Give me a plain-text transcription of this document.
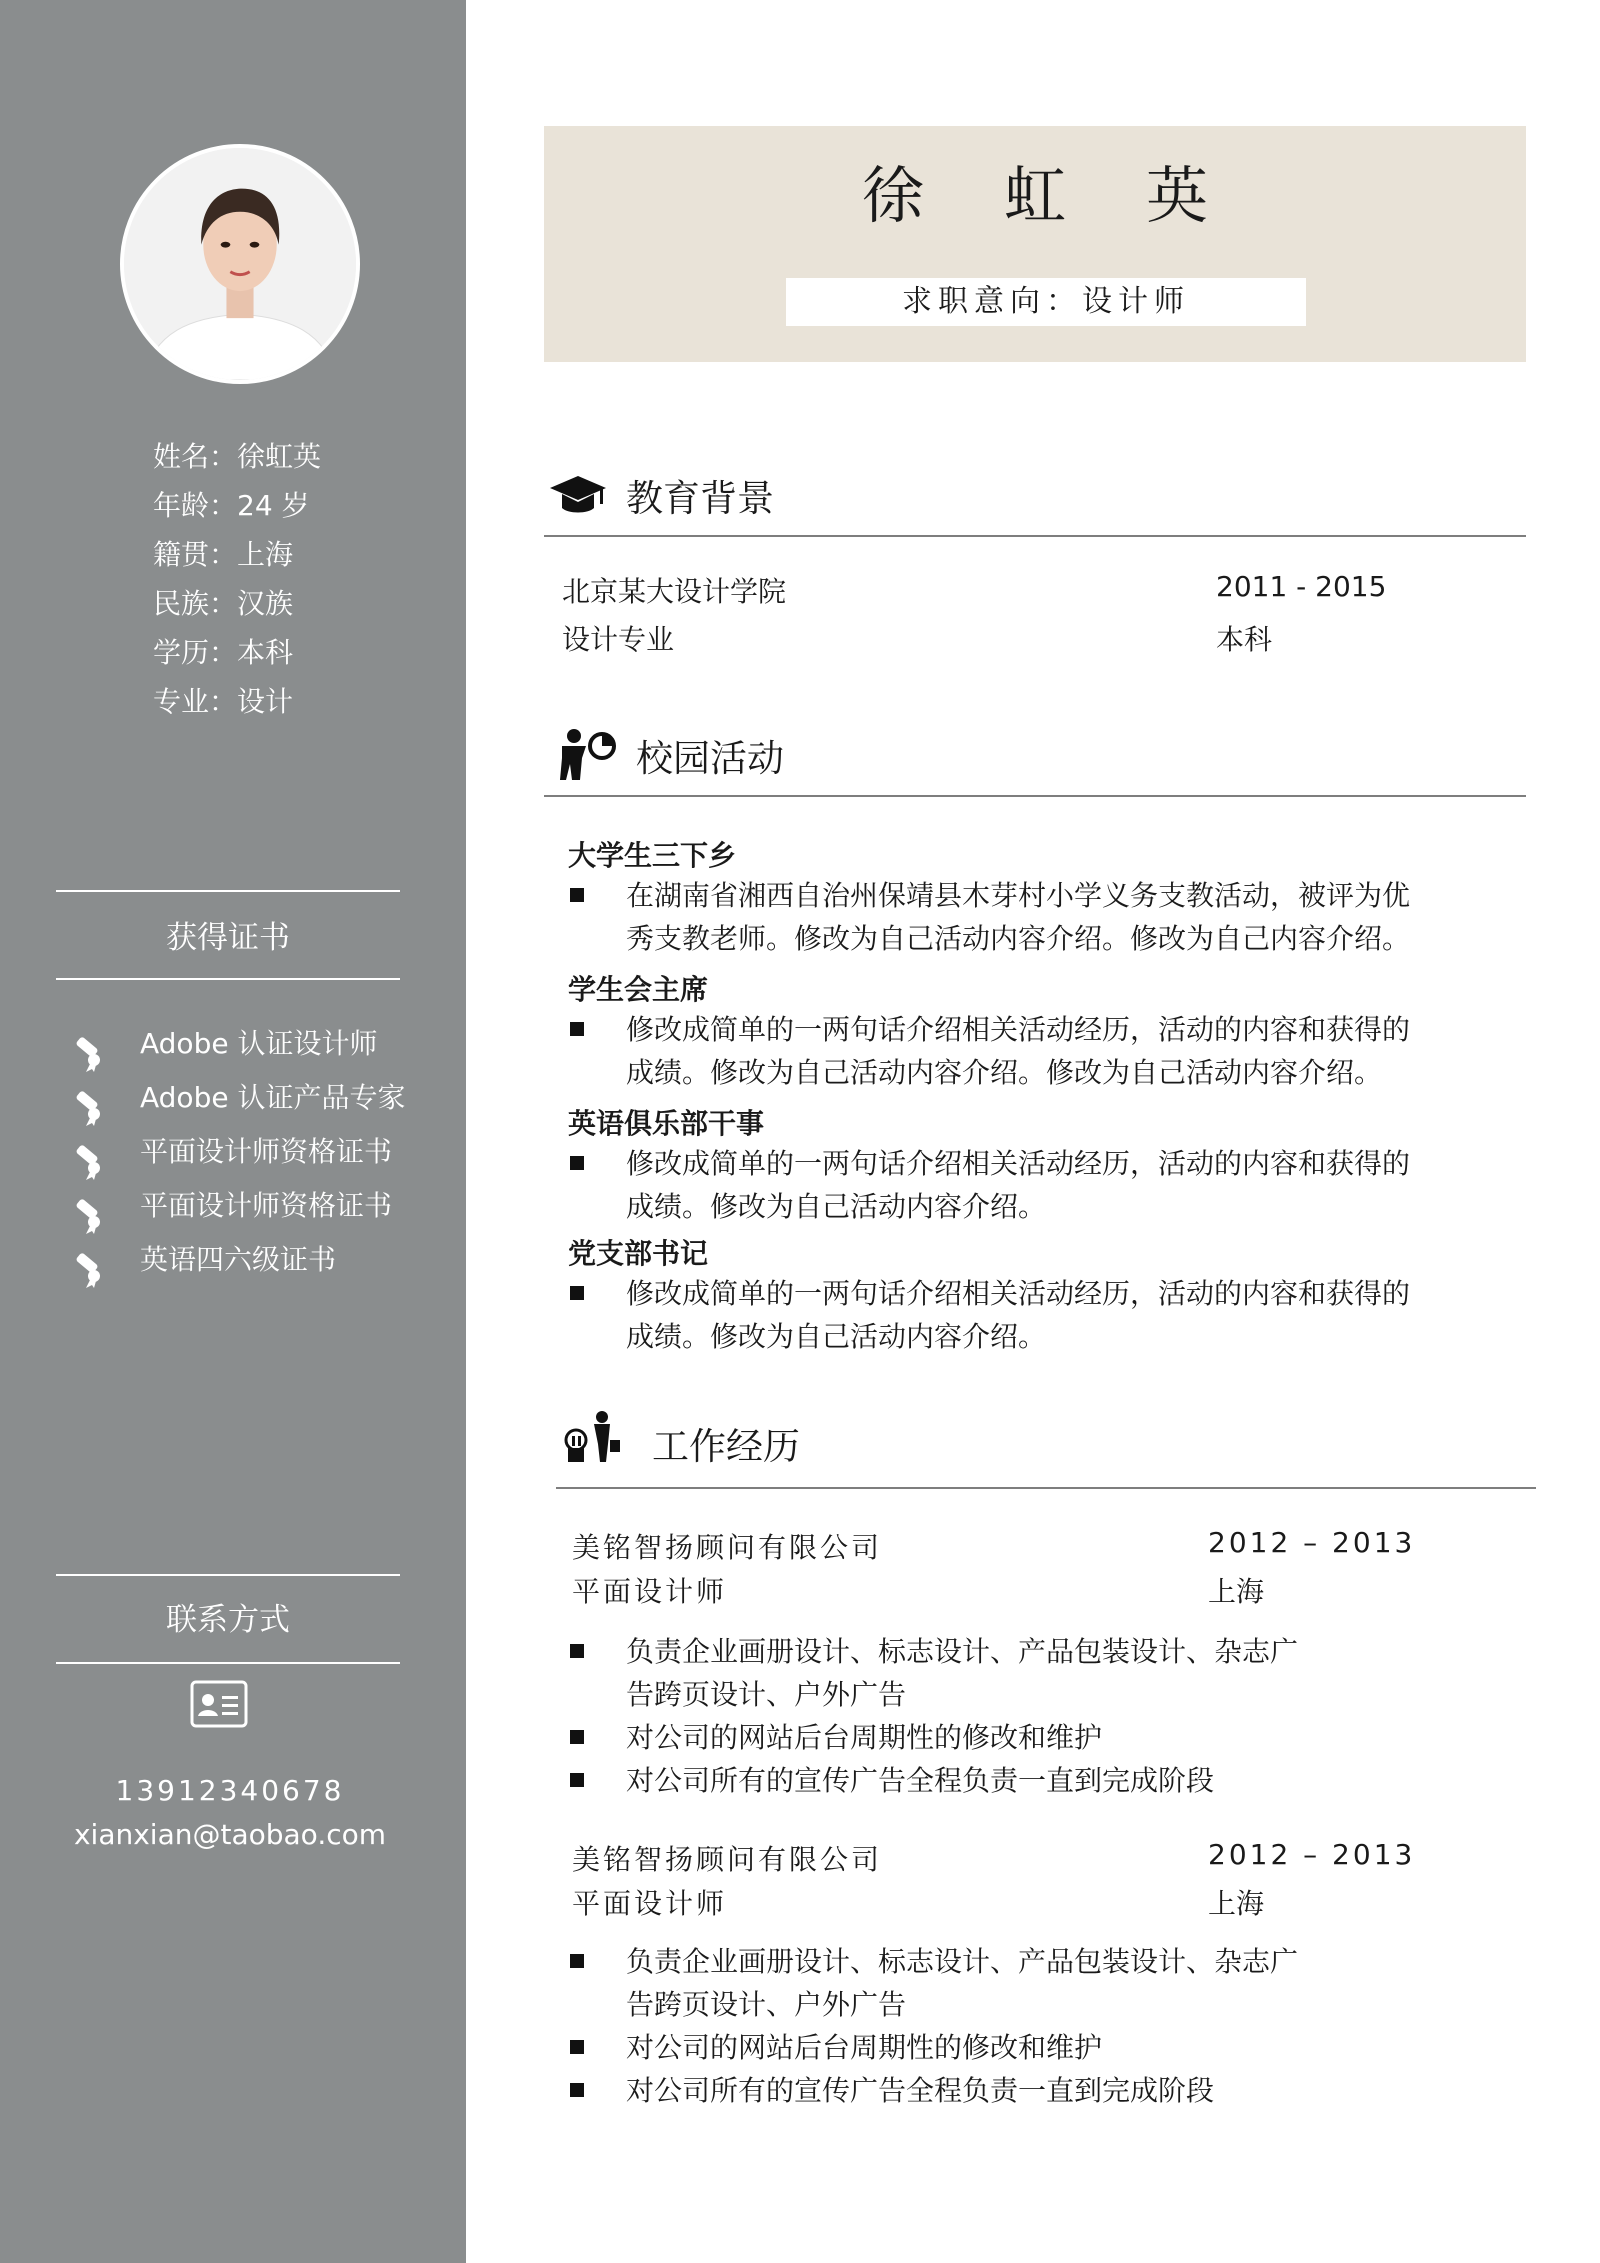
姓名：徐虹英
年龄：24 岁
籍贯：上海
民族：汉族
学历：本科
专业：设计
获得证书
Adobe 认证设计师
Adobe 认证产品专家
平面设计师资格证书
平面设计师资格证书
英语四六级证书
联系方式
13912340678
xianxian@taobao.com
徐虹英
求职意向：设计师
教育背景
北京某大设计学院	2011 - 2015
设计专业	本科
校园活动
大学生三下乡
在湖南省湘西自治州保靖县木芽村小学义务支教活动，被评为优
秀支教老师。修改为自己活动内容介绍。修改为自己内容介绍。
学生会主席
修改成简单的一两句话介绍相关活动经历，活动的内容和获得的
成绩。修改为自己活动内容介绍。修改为自己活动内容介绍。
英语俱乐部干事
修改成简单的一两句话介绍相关活动经历，活动的内容和获得的
成绩。修改为自己活动内容介绍。
党支部书记
修改成简单的一两句话介绍相关活动经历，活动的内容和获得的
成绩。修改为自己活动内容介绍。
工作经历
美铭智扬顾问有限公司	2012 – 2013
平面设计师	上海
负责企业画册设计、标志设计、产品包装设计、杂志广
告跨页设计、户外广告
对公司的网站后台周期性的修改和维护
对公司所有的宣传广告全程负责一直到完成阶段
美铭智扬顾问有限公司	2012 – 2013
平面设计师	上海
负责企业画册设计、标志设计、产品包装设计、杂志广
告跨页设计、户外广告
对公司的网站后台周期性的修改和维护
对公司所有的宣传广告全程负责一直到完成阶段
